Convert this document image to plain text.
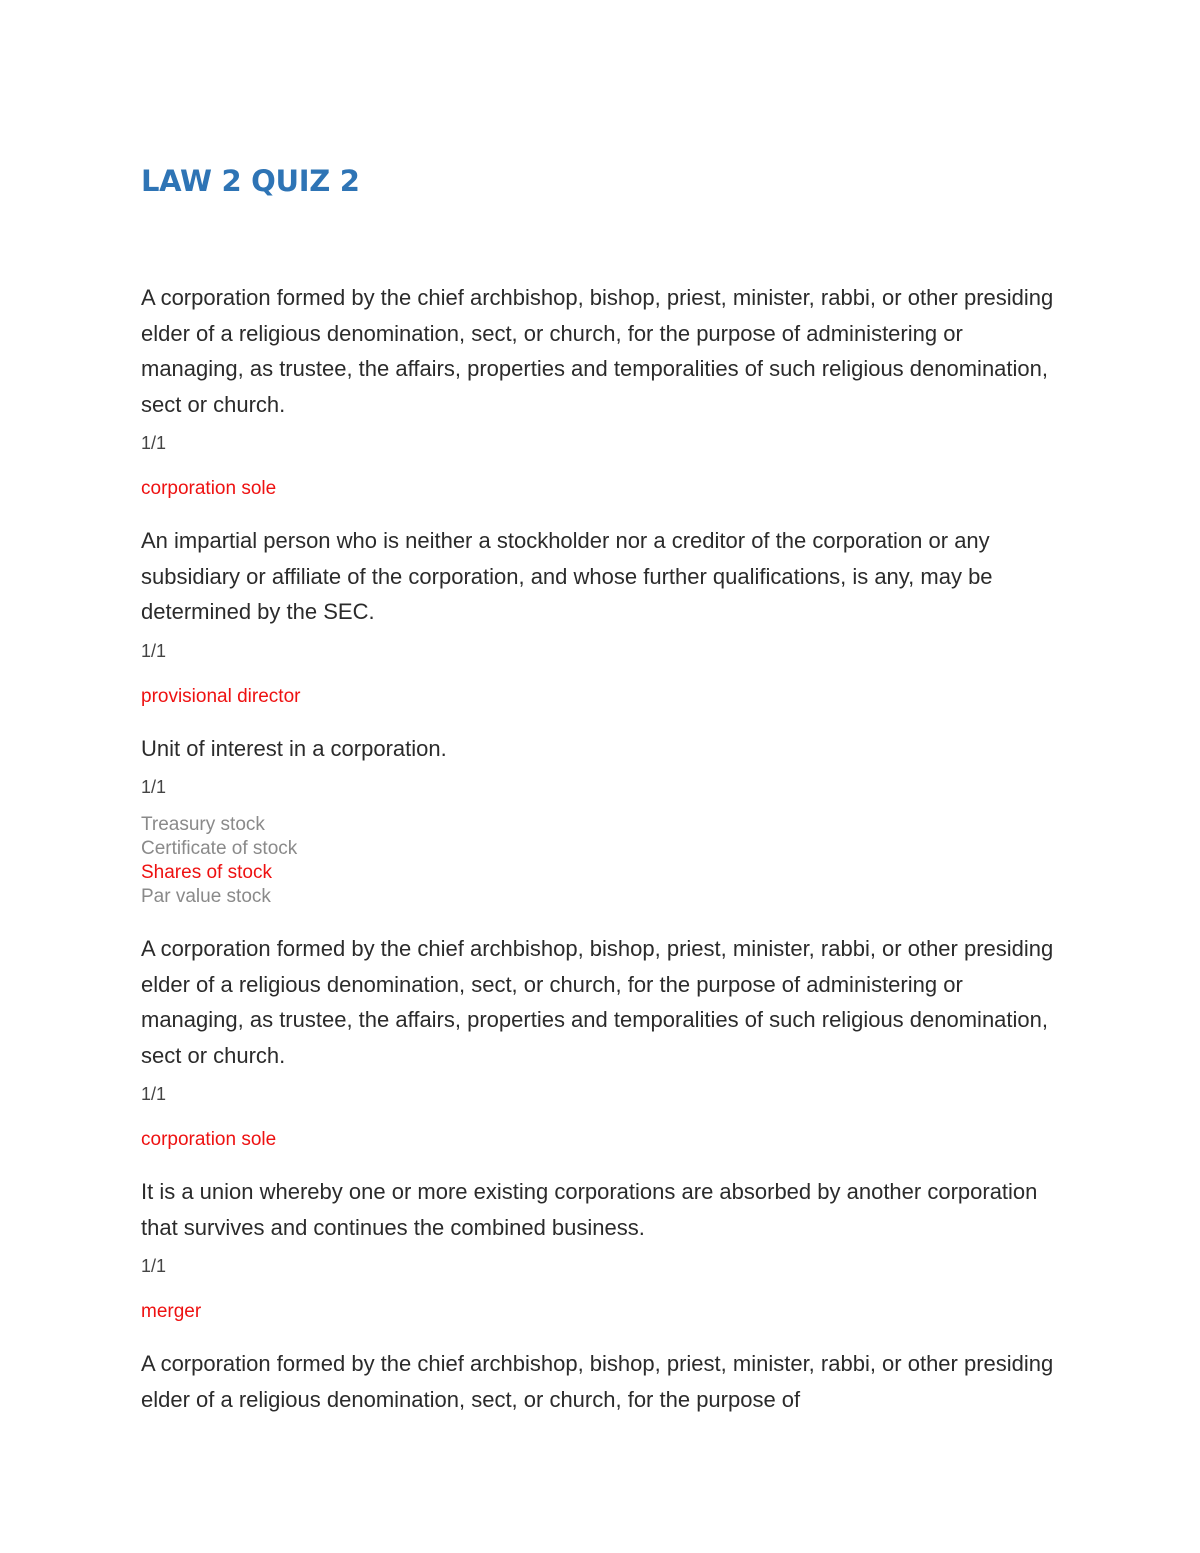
LAW 2 QUIZ 2

A corporation formed by the chief archbishop, bishop, priest, minister, rabbi, or other presiding elder of a religious denomination, sect, or church, for the purpose of administering or managing, as trustee, the affairs, properties and temporalities of such religious denomination, sect or church.

1/1
corporation sole

An impartial person who is neither a stockholder nor a creditor of the corporation or any subsidiary or affiliate of the corporation, and whose further qualifications, is any, may be determined by the SEC.

1/1
provisional director

Unit of interest in a corporation.

1/1
Treasury stock
Certificate of stock
Shares of stock
Par value stock

A corporation formed by the chief archbishop, bishop, priest, minister, rabbi, or other presiding elder of a religious denomination, sect, or church, for the purpose of administering or managing, as trustee, the affairs, properties and temporalities of such religious denomination, sect or church.

1/1
corporation sole

It is a union whereby one or more existing corporations are absorbed by another corporation that survives and continues the combined business.

1/1
merger

A corporation formed by the chief archbishop, bishop, priest, minister, rabbi, or other presiding elder of a religious denomination, sect, or church, for the purpose of
